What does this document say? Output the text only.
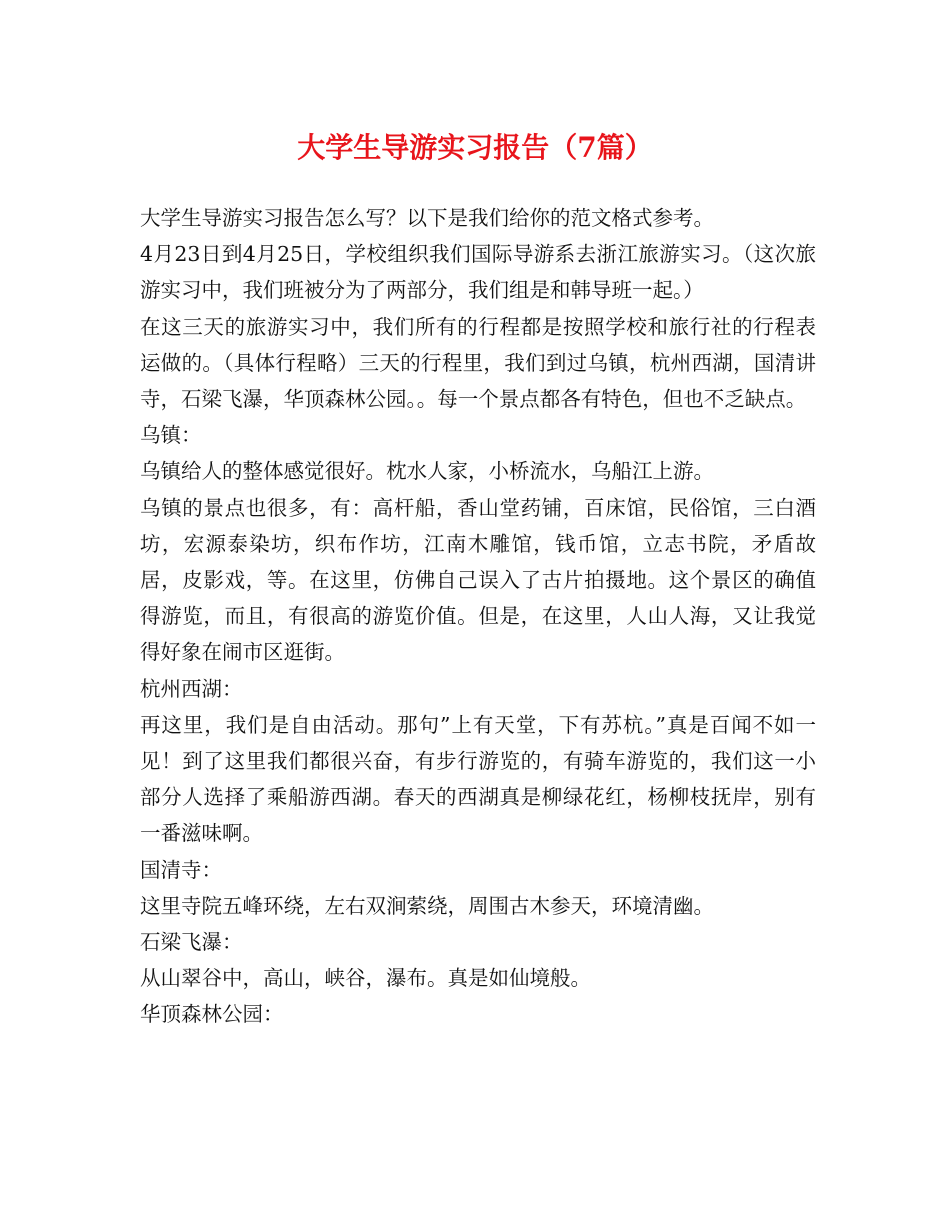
大学生导游实习报告（7篇）

大学生导游实习报告怎么写？以下是我们给你的范文格式参考。

4月23日到4月25日，学校组织我们国际导游系去浙江旅游实习。（这次旅游实习中，我们班被分为了两部分，我们组是和韩导班一起。）

在这三天的旅游实习中，我们所有的行程都是按照学校和旅行社的行程表运做的。（具体行程略）三天的行程里，我们到过乌镇，杭州西湖，国清讲寺，石梁飞瀑，华顶森林公园。。每一个景点都各有特色，但也不乏缺点。

乌镇：

乌镇给人的整体感觉很好。枕水人家，小桥流水，乌船江上游。

乌镇的景点也很多，有：高杆船，香山堂药铺，百床馆，民俗馆，三白酒坊，宏源泰染坊，织布作坊，江南木雕馆，钱币馆，立志书院，矛盾故居，皮影戏，等。在这里，仿佛自己误入了古片拍摄地。这个景区的确值得游览，而且，有很高的游览价值。但是，在这里，人山人海，又让我觉得好象在闹市区逛街。

杭州西湖：

再这里，我们是自由活动。那句”上有天堂，下有苏杭。”真是百闻不如一见！到了这里我们都很兴奋，有步行游览的，有骑车游览的，我们这一小部分人选择了乘船游西湖。春天的西湖真是柳绿花红，杨柳枝抚岸，别有一番滋味啊。

国清寺：

这里寺院五峰环绕，左右双涧萦绕，周围古木参天，环境清幽。

石梁飞瀑：

从山翠谷中，高山，峡谷，瀑布。真是如仙境般。

华顶森林公园：
